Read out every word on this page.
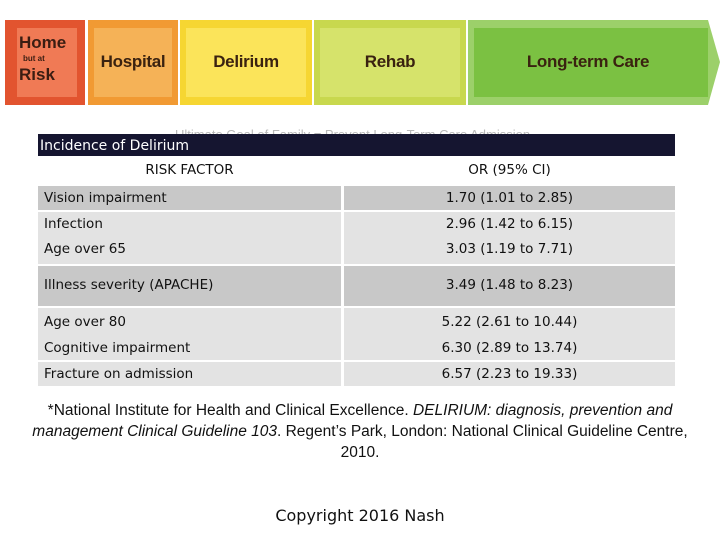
Home
but at
Risk
Hospital	Delirium	Rehab	Long-term Care
Incidence of Delirium
RISK FACTOR	OR (95% CI)
Vision impairment	1.70 (1.01 to 2.85)
Infection	2.96 (1.42 to 6.15)
Age over 65	3.03 (1.19 to 7.71)
Illness severity (APACHE)	3.49 (1.48 to 8.23)
Age over 80	5.22 (2.61 to 10.44)
Cognitive impairment	6.30 (2.89 to 13.74)
Fracture on admission	6.57 (2.23 to 19.33)
*National Institute for Health and Clinical Excellence. DELIRIUM: diagnosis, prevention and management Clinical Guideline 103. Regent’s Park, London: National Clinical Guideline Centre, 2010.
Copyright 2016 Nash
